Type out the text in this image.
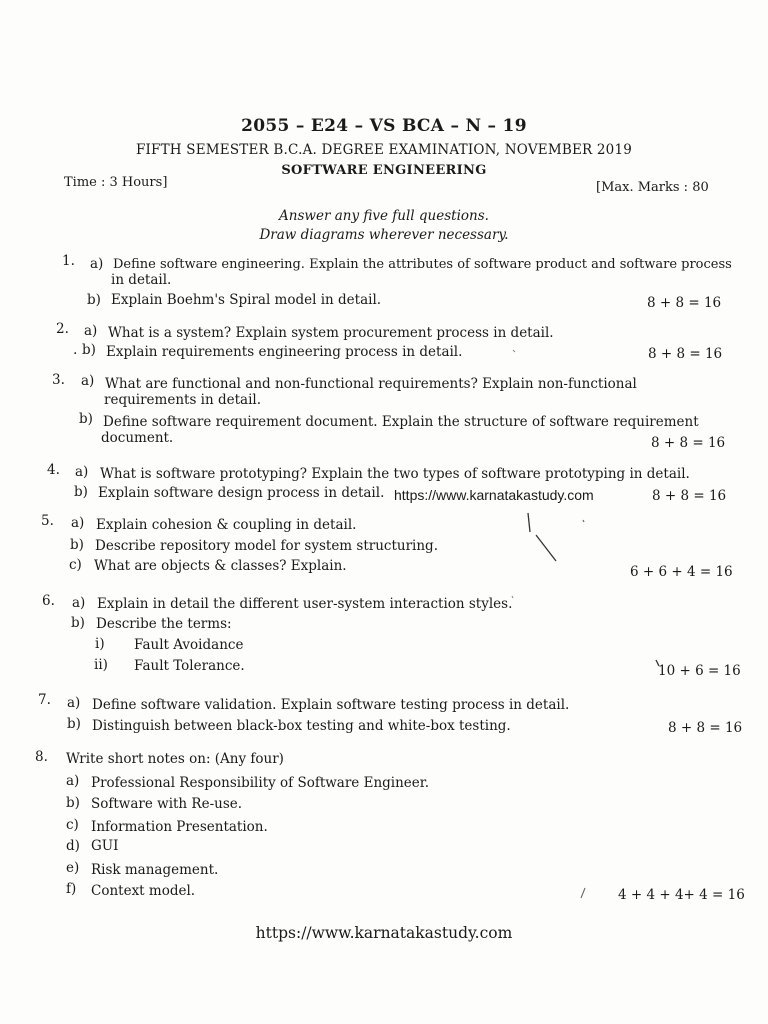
2055 – E24 – VS BCA – N – 19
FIFTH SEMESTER B.C.A. DEGREE EXAMINATION, NOVEMBER 2019
SOFTWARE ENGINEERING
Time : 3 Hours]	[Max. Marks : 80
Answer any five full questions.
Draw diagrams wherever necessary.
1. a) Define software engineering. Explain the attributes of software product and software process
in detail.
b) Explain Boehm's Spiral model in detail.	8 + 8 = 16
2. a) What is a system? Explain system procurement process in detail.
. b) Explain requirements engineering process in detail.	8 + 8 = 16
3. a) What are functional and non-functional requirements? Explain non-functional
requirements in detail.
b) Define software requirement document. Explain the structure of software requirement
document.	8 + 8 = 16
4. a) What is software prototyping? Explain the two types of software prototyping in detail.
b) Explain software design process in detail. https://www.karnatakastudy.com	8 + 8 = 16
5. a) Explain cohesion & coupling in detail.
b) Describe repository model for system structuring.
c) What are objects & classes? Explain.	6 + 6 + 4 = 16
6. a) Explain in detail the different user-system interaction styles.
b) Describe the terms:
i) Fault Avoidance
ii) Fault Tolerance.	10 + 6 = 16
7. a) Define software validation. Explain software testing process in detail.
b) Distinguish between black-box testing and white-box testing.	8 + 8 = 16
8. Write short notes on: (Any four)
a) Professional Responsibility of Software Engineer.
b) Software with Re-use.
c) Information Presentation.
d) GUI
e) Risk management.
f) Context model.	4 + 4 + 4+ 4 = 16
https://www.karnatakastudy.com
